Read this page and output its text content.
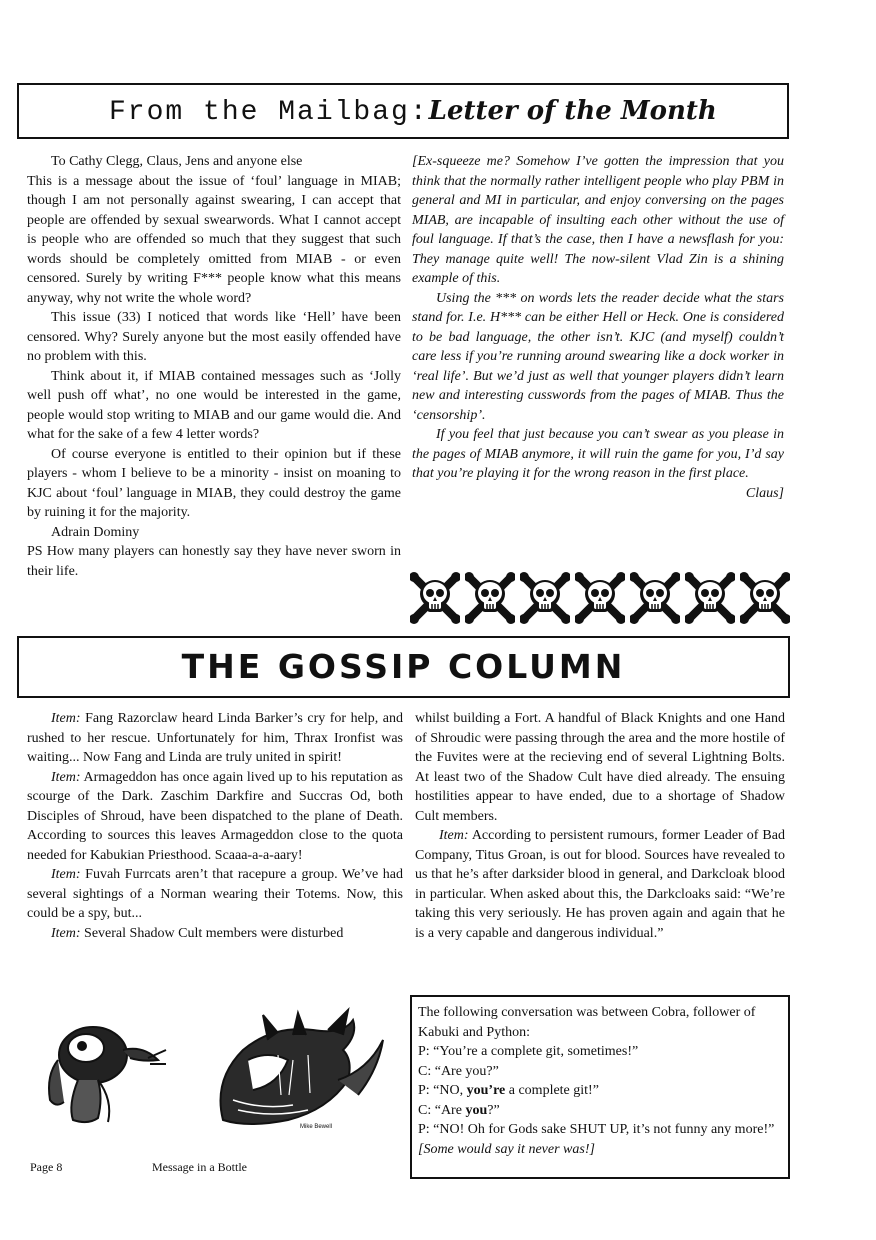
From the Mailbag:Letter of the Month

To Cathy Clegg, Claus, Jens and anyone else

This is a message about the issue of ‘foul’ language in MIAB; though I am not personally against swearing, I can accept that people are offended by sexual swearwords. What I cannot accept is people who are offended so much that they suggest that such words should be completely omitted from MIAB - or even censored. Surely by writing F*** people know what this means anyway, why not write the whole word?

This issue (33) I noticed that words like ‘Hell’ have been censored. Why? Surely anyone but the most easily offended have no problem with this.

Think about it, if MIAB contained messages such as ‘Jolly well push off what’, no one would be interested in the game, people would stop writing to MIAB and our game would die. And what for the sake of a few 4 letter words?

Of course everyone is entitled to their opinion but if these players - whom I believe to be a minority - insist on moaning to KJC about ‘foul’ language in MIAB, they could destroy the game by ruining it for the majority.

Adrain Dominy

PS How many players can honestly say they have never sworn in their life.

[Ex-squeeze me? Somehow I’ve gotten the impression that you think that the normally rather intelligent people who play PBM in general and MI in particular, and enjoy conversing on the pages MIAB, are incapable of insulting each other without the use of foul language. If that’s the case, then I have a newsflash for you: They manage quite well! The now-silent Vlad Zin is a shining example of this.

Using the *** on words lets the reader decide what the stars stand for. I.e. H*** can be either Hell or Heck. One is considered to be bad language, the other isn’t. KJC (and myself) couldn’t care less if you’re running around swearing like a dock worker in ‘real life’. But we’d just as well that younger players didn’t learn new and interesting cusswords from the pages of MIAB. Thus the ‘censorship’.

If you feel that just because you can’t swear as you please in the pages of MIAB anymore, it will ruin the game for you, I’d say that you’re playing it for the wrong reason in the first place.

Claus]

THE GOSSIP COLUMN

Item: Fang Razorclaw heard Linda Barker’s cry for help, and rushed to her rescue. Unfortunately for him, Thrax Ironfist was waiting... Now Fang and Linda are truly united in spirit!

Item: Armageddon has once again lived up to his reputation as scourge of the Dark. Zaschim Darkfire and Succras Od, both Disciples of Shroud, have been dispatched to the plane of Death. According to sources this leaves Armageddon close to the quota needed for Kabukian Priesthood. Scaaa-a-a-aary!

Item: Fuvah Furrcats aren’t that racepure a group. We’ve had several sightings of a Norman wearing their Totems. Now, this could be a spy, but...

Item: Several Shadow Cult members were disturbed

whilst building a Fort. A handful of Black Knights and one Hand of Shroudic were passing through the area and the more hostile of the Fuvites were at the recieving end of several Lightning Bolts. At least two of the Shadow Cult have died already. The ensuing hostilities appear to have ended, due to a shortage of Shadow Cult members.

Item: According to persistent rumours, former Leader of Bad Company, Titus Groan, is out for blood. Sources have revealed to us that he’s after darksider blood in general, and Darkcloak blood in particular. When asked about this, the Darkcloaks said: “We’re taking this very seriously. He has proven again and again that he is a very capable and dangerous individual.”

Mike Bewell

The following conversation was between Cobra, follower of Kabuki and Python:

P: “You’re a complete git, sometimes!”

C: “Are you?”

P: “NO, you’re a complete git!”

C: “Are you?”

P: “NO! Oh for Gods sake SHUT UP, it’s not funny any more!”

[Some would say it never was!]

Page 8	Message in a Bottle
